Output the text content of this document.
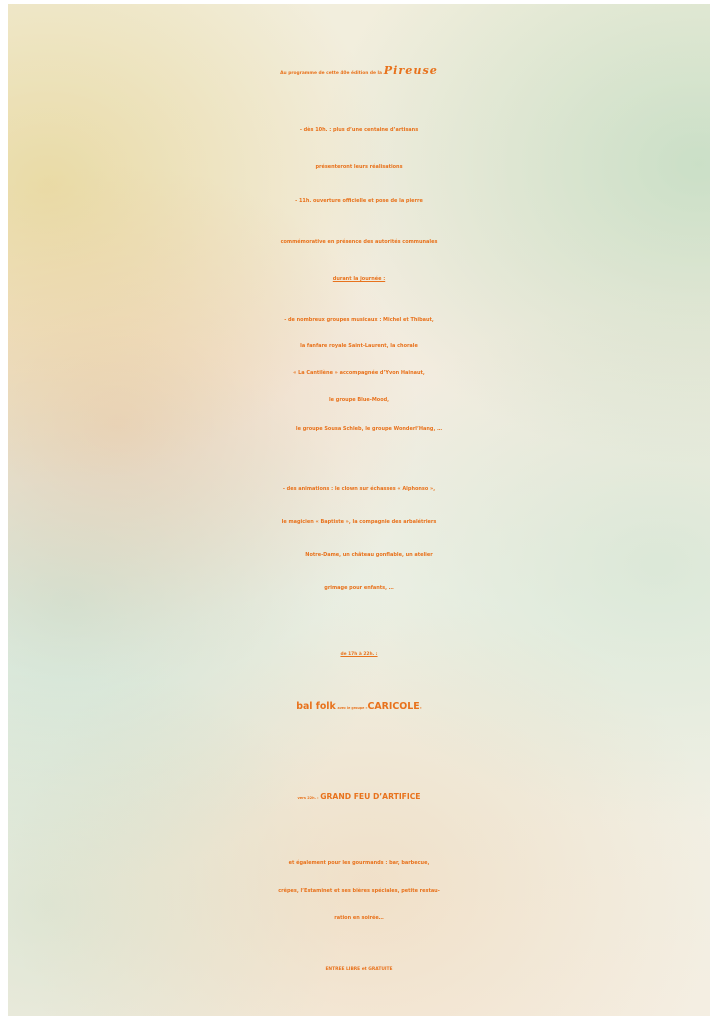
Au programme de cette 40e édition de la Pireuse
- dès 10h. : plus d’une centaine d’artisans
présenteront leurs réalisations
- 11h. ouverture officielle et pose de la pierre
commémorative en présence des autorités communales
durant la journée :
- de nombreux groupes musicaux : Michel et Thibaut,
la fanfare royale Saint-Laurent, la chorale
« La Cantilène » accompagnée d’Yvon Hainaut,
le groupe Blue-Mood,
le groupe Sousa Schleb, le groupe Wonderl’Hang, …
- des animations : le clown sur échasses « Alphonso »,
le magicien « Baptiste », la compagnie des arbalétriers
Notre-Dame, un château gonflable, un atelier
grimage pour enfants, …
de 17h à 22h. :
bal folk avec le groupe «CARICOLE»
vers 22h. : GRAND FEU D’ARTIFICE
et également pour les gourmands : bar, barbecue,
crêpes, l’Estaminet et ses bières spéciales, petite restau-
ration en soirée…
ENTREE LIBRE et GRATUITE
